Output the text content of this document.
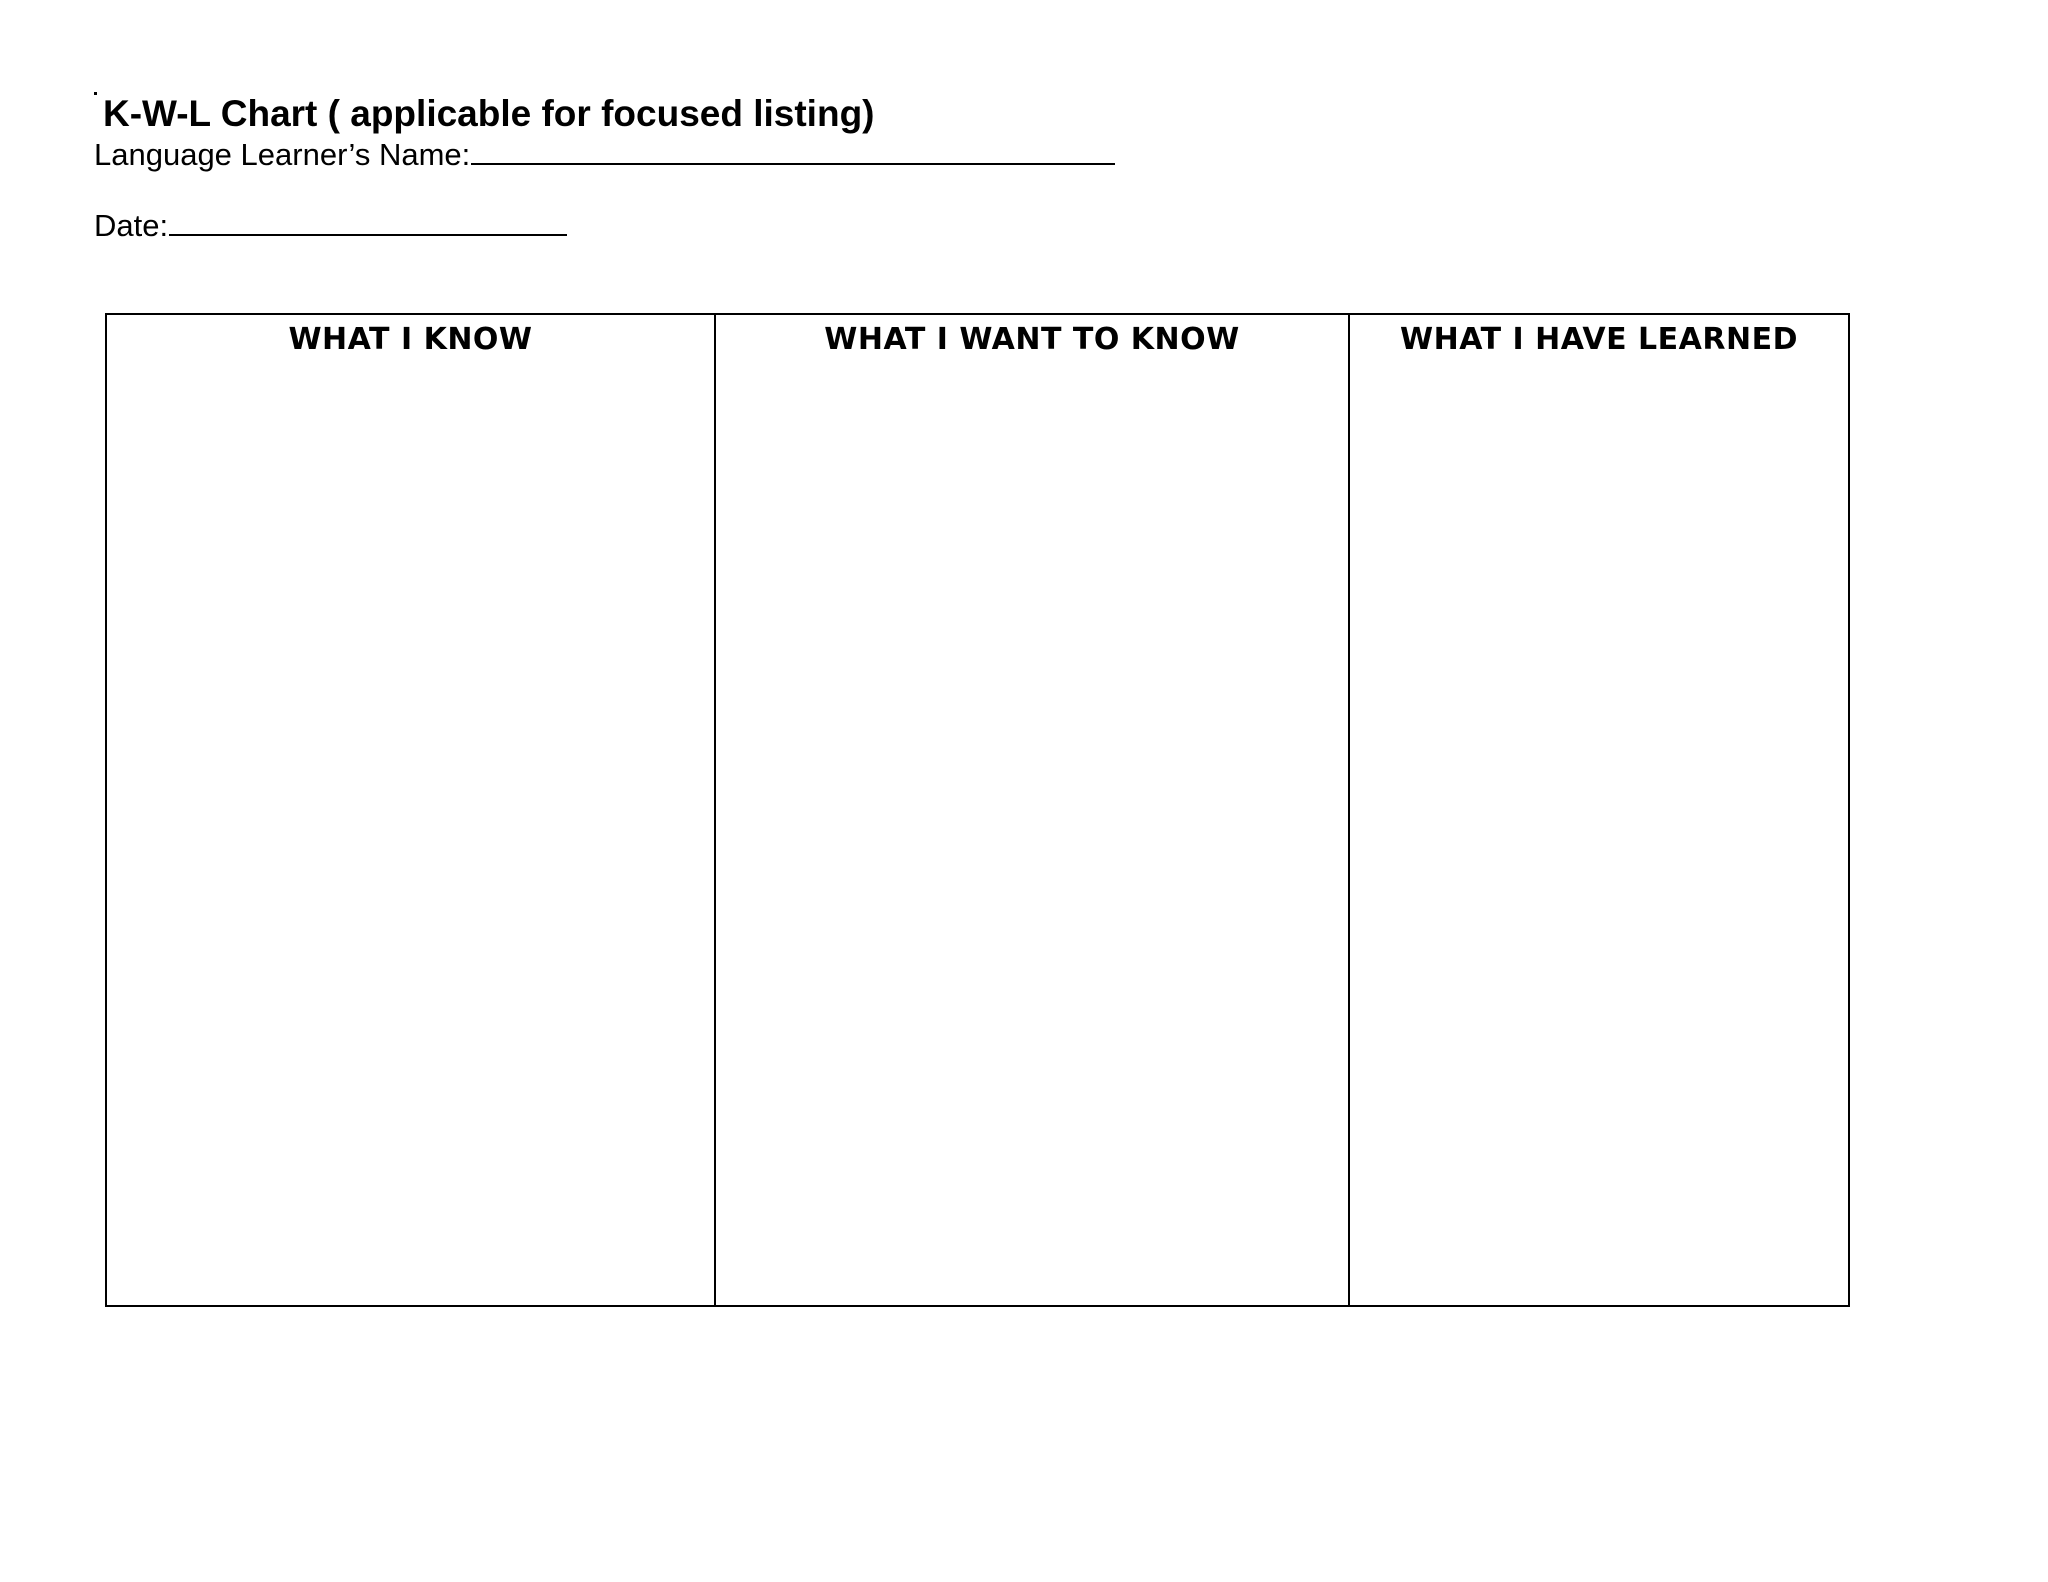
K-W-L Chart ( applicable for focused listing)
Language Learner’s Name:
Date:
WHAT I KNOW	WHAT I WANT TO KNOW	WHAT I HAVE LEARNED
